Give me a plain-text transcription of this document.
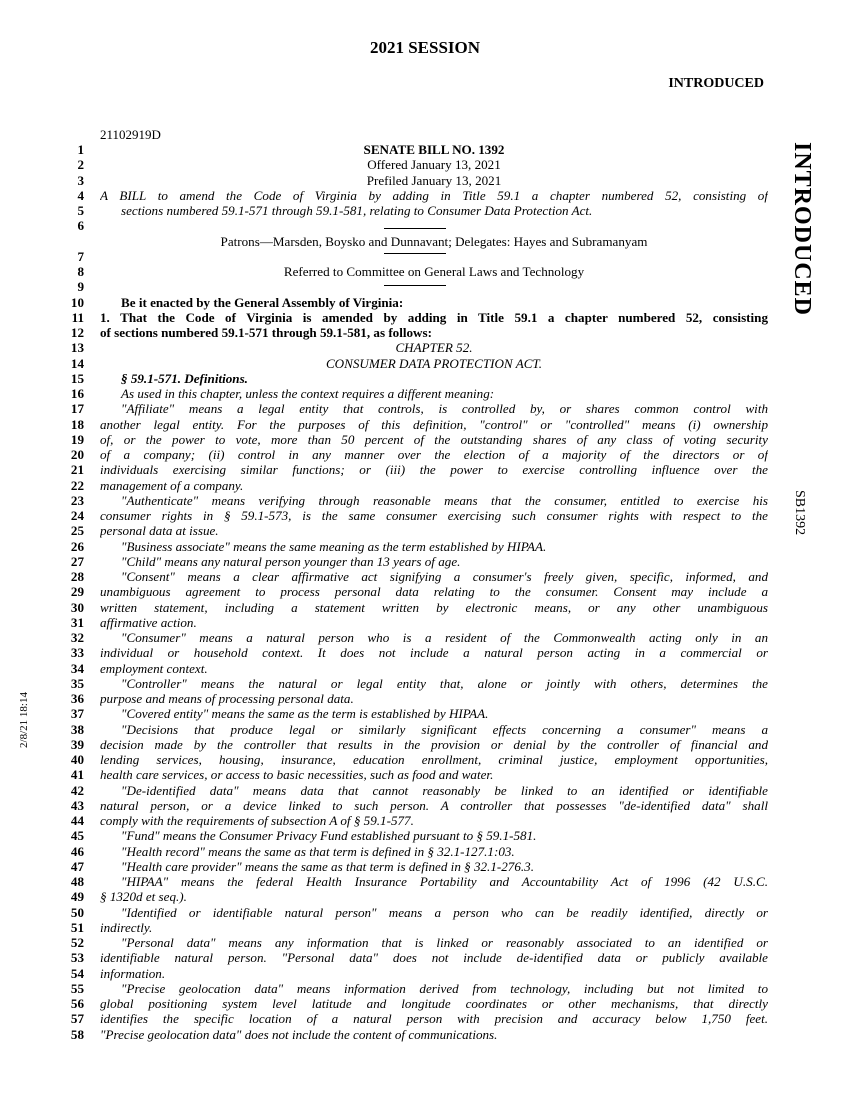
2021 SESSION
INTRODUCED
21102919D
INTRODUCED
SB1392
2/8/21 18:14
1	SENATE BILL NO. 1392
2	Offered January 13, 2021
3	Prefiled January 13, 2021
4 A BILL to amend the Code of Virginia by adding in Title 59.1 a chapter numbered 52, consisting of
5	sections numbered 59.1-571 through 59.1-581, relating to Consumer Data Protection Act.
6
Patrons—Marsden, Boysko and Dunnavant; Delegates: Hayes and Subramanyam
7
8	Referred to Committee on General Laws and Technology
9
10	Be it enacted by the General Assembly of Virginia:
11 1. That the Code of Virginia is amended by adding in Title 59.1 a chapter numbered 52, consisting
12 of sections numbered 59.1-571 through 59.1-581, as follows:
13	CHAPTER 52.
14	CONSUMER DATA PROTECTION ACT.
15	§ 59.1-571. Definitions.
16	As used in this chapter, unless the context requires a different meaning:
17	"Affiliate" means a legal entity that controls, is controlled by, or shares common control with
18 another legal entity. For the purposes of this definition, "control" or "controlled" means (i) ownership
19 of, or the power to vote, more than 50 percent of the outstanding shares of any class of voting security
20 of a company; (ii) control in any manner over the election of a majority of the directors or of
21 individuals exercising similar functions; or (iii) the power to exercise controlling influence over the
22 management of a company.
23	"Authenticate" means verifying through reasonable means that the consumer, entitled to exercise his
24 consumer rights in § 59.1-573, is the same consumer exercising such consumer rights with respect to the
25 personal data at issue.
26	"Business associate" means the same meaning as the term established by HIPAA.
27	"Child" means any natural person younger than 13 years of age.
28	"Consent" means a clear affirmative act signifying a consumer's freely given, specific, informed, and
29 unambiguous agreement to process personal data relating to the consumer. Consent may include a
30 written statement, including a statement written by electronic means, or any other unambiguous
31 affirmative action.
32	"Consumer" means a natural person who is a resident of the Commonwealth acting only in an
33 individual or household context. It does not include a natural person acting in a commercial or
34 employment context.
35	"Controller" means the natural or legal entity that, alone or jointly with others, determines the
36 purpose and means of processing personal data.
37	"Covered entity" means the same as the term is established by HIPAA.
38	"Decisions that produce legal or similarly significant effects concerning a consumer" means a
39 decision made by the controller that results in the provision or denial by the controller of financial and
40 lending services, housing, insurance, education enrollment, criminal justice, employment opportunities,
41 health care services, or access to basic necessities, such as food and water.
42	"De-identified data" means data that cannot reasonably be linked to an identified or identifiable
43 natural person, or a device linked to such person. A controller that possesses "de-identified data" shall
44 comply with the requirements of subsection A of § 59.1-577.
45	"Fund" means the Consumer Privacy Fund established pursuant to § 59.1-581.
46	"Health record" means the same as that term is defined in § 32.1-127.1:03.
47	"Health care provider" means the same as that term is defined in § 32.1-276.3.
48	"HIPAA" means the federal Health Insurance Portability and Accountability Act of 1996 (42 U.S.C.
49 § 1320d et seq.).
50	"Identified or identifiable natural person" means a person who can be readily identified, directly or
51 indirectly.
52	"Personal data" means any information that is linked or reasonably associated to an identified or
53 identifiable natural person. "Personal data" does not include de-identified data or publicly available
54 information.
55	"Precise geolocation data" means information derived from technology, including but not limited to
56 global positioning system level latitude and longitude coordinates or other mechanisms, that directly
57 identifies the specific location of a natural person with precision and accuracy below 1,750 feet.
58 "Precise geolocation data" does not include the content of communications.
